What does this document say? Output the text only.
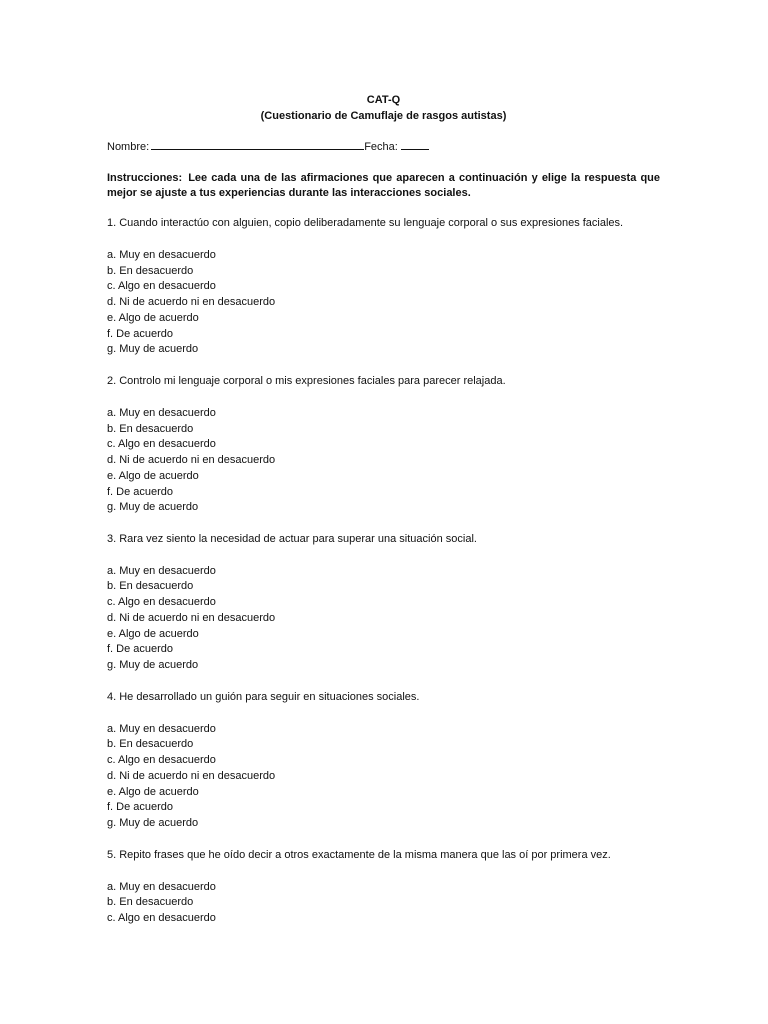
CAT-Q

(Cuestionario de Camuflaje de rasgos autistas)

Nombre:	Fecha:

Instrucciones: Lee cada una de las afirmaciones que aparecen a continuación y elige la respuesta que mejor se ajuste a tus experiencias durante las interacciones sociales.

1. Cuando interactúo con alguien, copio deliberadamente su lenguaje corporal o sus expresiones faciales.

a. Muy en desacuerdo
b. En desacuerdo
c. Algo en desacuerdo
d. Ni de acuerdo ni en desacuerdo
e. Algo de acuerdo
f. De acuerdo
g. Muy de acuerdo

2. Controlo mi lenguaje corporal o mis expresiones faciales para parecer relajada.

a. Muy en desacuerdo
b. En desacuerdo
c. Algo en desacuerdo
d. Ni de acuerdo ni en desacuerdo
e. Algo de acuerdo
f. De acuerdo
g. Muy de acuerdo

3. Rara vez siento la necesidad de actuar para superar una situación social.

a. Muy en desacuerdo
b. En desacuerdo
c. Algo en desacuerdo
d. Ni de acuerdo ni en desacuerdo
e. Algo de acuerdo
f. De acuerdo
g. Muy de acuerdo

4. He desarrollado un guión para seguir en situaciones sociales.

a. Muy en desacuerdo
b. En desacuerdo
c. Algo en desacuerdo
d. Ni de acuerdo ni en desacuerdo
e. Algo de acuerdo
f. De acuerdo
g. Muy de acuerdo

5. Repito frases que he oído decir a otros exactamente de la misma manera que las oí por primera vez.

a. Muy en desacuerdo
b. En desacuerdo
c. Algo en desacuerdo
